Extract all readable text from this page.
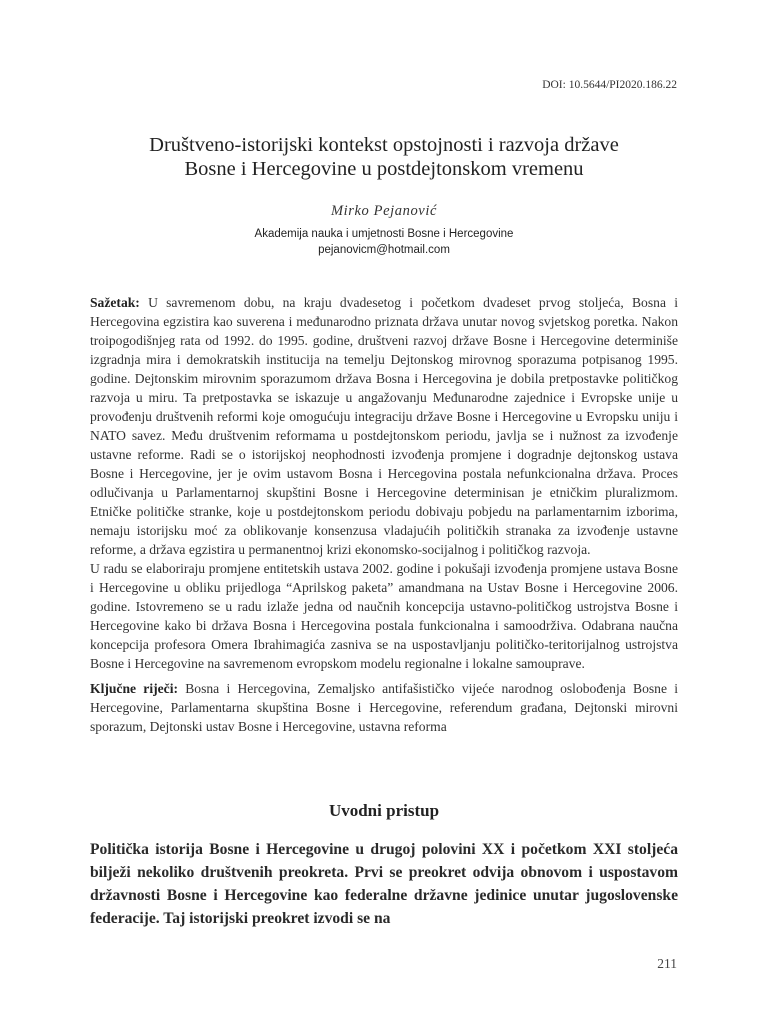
DOI: 10.5644/PI2020.186.22
Društveno-istorijski kontekst opstojnosti i razvoja države
Bosne i Hercegovine u postdejtonskom vremenu
Mirko Pejanović
Akademija nauka i umjetnosti Bosne i Hercegovine
pejanovicm@hotmail.com

Sažetak: U savremenom dobu, na kraju dvadesetog i početkom dvadeset prvog stoljeća, Bosna i Hercegovina egzistira kao suverena i međunarodno priznata država unutar novog svjetskog poretka. Nakon troipogodišnjeg rata od 1992. do 1995. godine, društveni razvoj države Bosne i Hercegovine determiniše izgradnja mira i demokratskih institucija na temelju Dejtonskog mirovnog sporazuma potpisanog 1995. godine. Dejtonskim mirovnim sporazumom država Bosna i Hercegovina je dobila pretpostavke političkog razvoja u miru. Ta pretpostavka se iskazuje u angažovanju Međunarodne zajednice i Evropske unije u provođenju društvenih reformi koje omogućuju integraciju države Bosne i Hercegovine u Evropsku uniju i NATO savez. Među društvenim reformama u postdejtonskom periodu, javlja se i nužnost za izvođenje ustavne reforme. Radi se o istorijskoj neophodnosti izvođenja promjene i dogradnje dejtonskog ustava Bosne i Hercegovine, jer je ovim ustavom Bosna i Hercegovina postala nefunkcionalna država. Proces odlučivanja u Parlamentarnoj skupštini Bosne i Hercegovine determinisan je etničkim pluralizmom. Etničke političke stranke, koje u postdejtonskom periodu dobivaju pobjedu na parlamentarnim izborima, nemaju istorijsku moć za oblikovanje konsenzusa vladajućih političkih stranaka za izvođenje ustavne reforme, a država egzistira u permanentnoj krizi ekonomsko-socijalnog i političkog razvoja.

U radu se elaboriraju promjene entitetskih ustava 2002. godine i pokušaji izvođenja promjene ustava Bosne i Hercegovine u obliku prijedloga “Aprilskog paketa” amandmana na Ustav Bosne i Hercegovine 2006. godine. Istovremeno se u radu izlaže jedna od naučnih koncepcija ustavno-političkog ustrojstva Bosne i Hercegovine kako bi država Bosna i Hercegovina postala funkcionalna i samoodrživa. Odabrana naučna koncepcija profesora Omera Ibrahimagića zasniva se na uspostavljanju političko-teritorijalnog ustrojstva Bosne i Hercegovine na savremenom evropskom modelu regionalne i lokalne samouprave.

Ključne riječi: Bosna i Hercegovina, Zemaljsko antifašističko vijeće narodnog oslobođenja Bosne i Hercegovine, Parlamentarna skupština Bosne i Hercegovine, referendum građana, Dejtonski mirovni sporazum, Dejtonski ustav Bosne i Hercegovine, ustavna reforma

Uvodni pristup

Politička istorija Bosne i Hercegovine u drugoj polovini XX i početkom XXI stoljeća bilježi nekoliko društvenih preokreta. Prvi se preokret odvija obnovom i uspostavom državnosti Bosne i Hercegovine kao federalne državne jedinice unutar jugoslovenske federacije. Taj istorijski preokret izvodi se na

211
